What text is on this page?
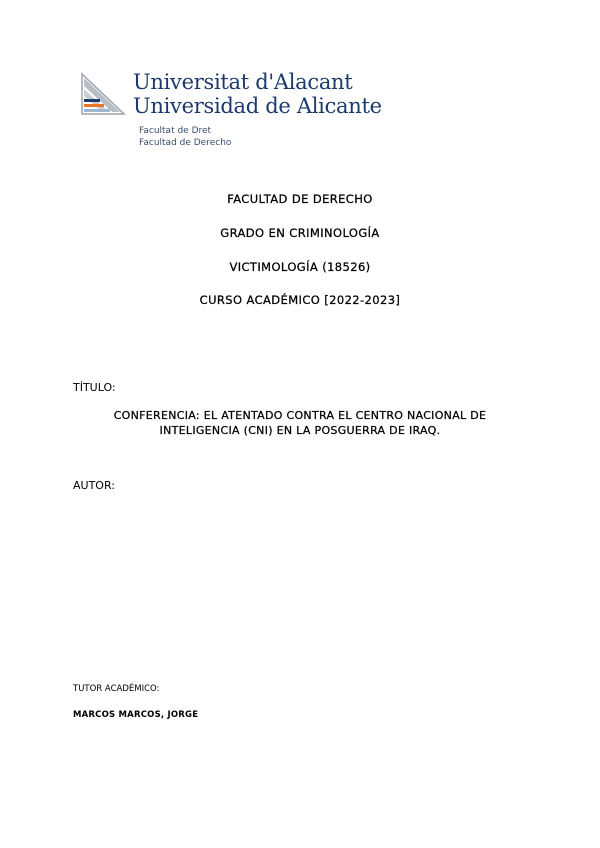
Universitat d'Alacant
Universidad de Alicante
Facultat de Dret
Facultad de Derecho
FACULTAD DE DERECHO
GRADO EN CRIMINOLOGÍA
VICTIMOLOGÍA (18526)
CURSO ACADÉMICO [2022-2023]
TÍTULO:
CONFERENCIA: EL ATENTADO CONTRA EL CENTRO NACIONAL DE
INTELIGENCIA (CNI) EN LA POSGUERRA DE IRAQ.
AUTOR:
TUTOR ACADÉMICO:
MARCOS MARCOS, JORGE
